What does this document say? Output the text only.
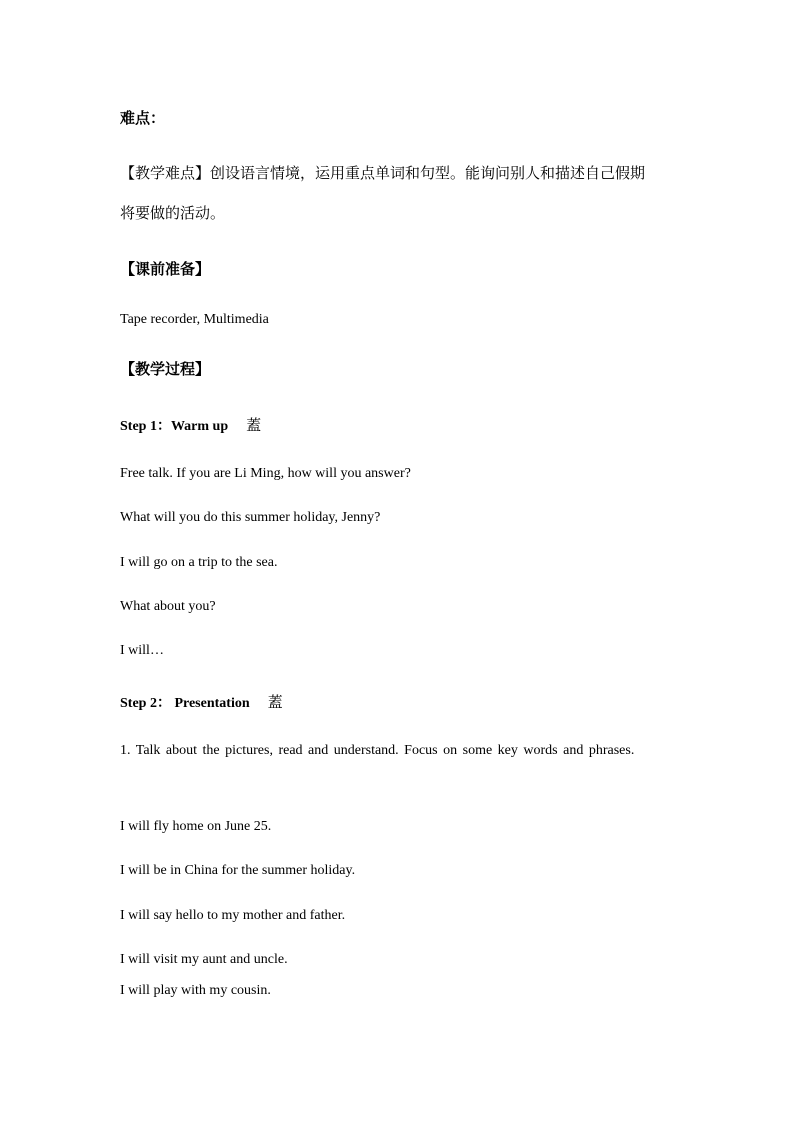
难点：
【教学难点】创设语言情境，运用重点单词和句型。能询问别人和描述自己假期
将要做的活动。
【课前准备】
Tape recorder, Multimedia
【教学过程】
Step 1：Warm up 蓋
Free talk. If you are Li Ming, how will you answer?
What will you do this summer holiday, Jenny?
I will go on a trip to the sea.
What about you?
I will…
Step 2： Presentation 蓋

1. Talk about the pictures, read and understand. Focus on some key words and phrases.

I will fly home on June 25.
I will be in China for the summer holiday.
I will say hello to my mother and father.
I will visit my aunt and uncle.
I will play with my cousin.
